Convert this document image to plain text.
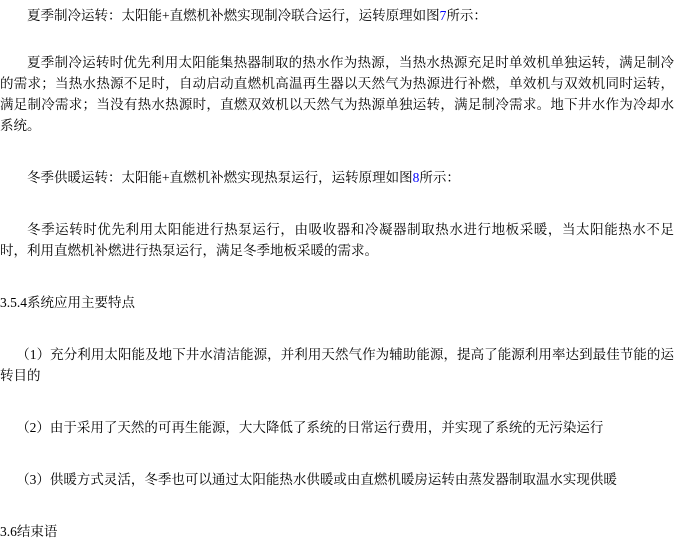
夏季制冷运转：太阳能+直燃机补燃实现制冷联合运行，运转原理如图7所示：

夏季制冷运转时优先利用太阳能集热器制取的热水作为热源，当热水热源充足时单效机单独运转，满足制冷的需求；当热水热源不足时，自动启动直燃机高温再生器以天然气为热源进行补燃，单效机与双效机同时运转，满足制冷需求；当没有热水热源时，直燃双效机以天然气为热源单独运转，满足制冷需求。地下井水作为冷却水系统。

冬季供暖运转：太阳能+直燃机补燃实现热泵运行，运转原理如图8所示：

冬季运转时优先利用太阳能进行热泵运行，由吸收器和冷凝器制取热水进行地板采暖，当太阳能热水不足时，利用直燃机补燃进行热泵运行，满足冬季地板采暖的需求。

3.5.4系统应用主要特点

（1）充分利用太阳能及地下井水清洁能源，并利用天然气作为辅助能源，提高了能源利用率达到最佳节能的运转目的

（2）由于采用了天然的可再生能源，大大降低了系统的日常运行费用，并实现了系统的无污染运行

（3）供暖方式灵活，冬季也可以通过太阳能热水供暖或由直燃机暖房运转由蒸发器制取温水实现供暖

3.6结束语
